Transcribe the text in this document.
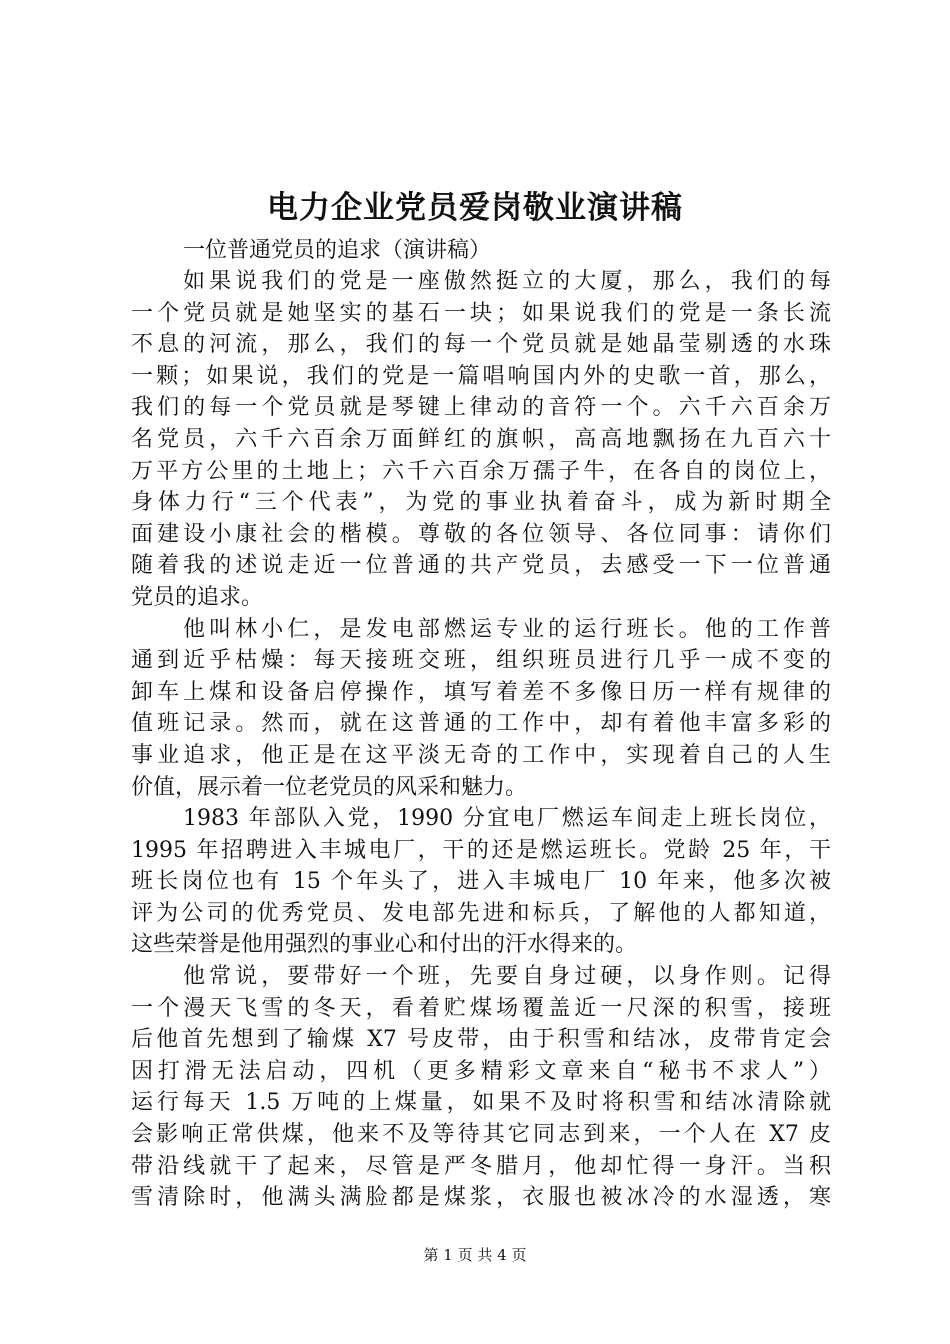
电力企业党员爱岗敬业演讲稿
一位普通党员的追求（演讲稿）
如果说我们的党是一座傲然挺立的大厦，那么，我们的每
一个党员就是她坚实的基石一块；如果说我们的党是一条长流
不息的河流，那么，我们的每一个党员就是她晶莹剔透的水珠
一颗；如果说，我们的党是一篇唱响国内外的史歌一首，那么，
我们的每一个党员就是琴键上律动的音符一个。六千六百余万
名党员，六千六百余万面鲜红的旗帜，高高地飘扬在九百六十
万平方公里的土地上；六千六百余万孺子牛，在各自的岗位上，
身体力行“三个代表”，为党的事业执着奋斗，成为新时期全
面建设小康社会的楷模。尊敬的各位领导、各位同事：请你们
随着我的述说走近一位普通的共产党员，去感受一下一位普通
党员的追求。
他叫林小仁，是发电部燃运专业的运行班长。他的工作普
通到近乎枯燥：每天接班交班，组织班员进行几乎一成不变的
卸车上煤和设备启停操作，填写着差不多像日历一样有规律的
值班记录。然而，就在这普通的工作中，却有着他丰富多彩的
事业追求，他正是在这平淡无奇的工作中，实现着自己的人生
价值，展示着一位老党员的风采和魅力。
1983 年部队入党，1990 分宜电厂燃运车间走上班长岗位，
1995 年招聘进入丰城电厂，干的还是燃运班长。党龄 25 年，干
班长岗位也有 15 个年头了，进入丰城电厂 10 年来，他多次被
评为公司的优秀党员、发电部先进和标兵，了解他的人都知道，
这些荣誉是他用强烈的事业心和付出的汗水得来的。
他常说，要带好一个班，先要自身过硬，以身作则。记得
一个漫天飞雪的冬天，看着贮煤场覆盖近一尺深的积雪，接班
后他首先想到了输煤 X7 号皮带，由于积雪和结冰，皮带肯定会
因打滑无法启动，四机（更多精彩文章来自“秘书不求人”）
运行每天 1.5 万吨的上煤量，如果不及时将积雪和结冰清除就
会影响正常供煤，他来不及等待其它同志到来，一个人在 X7 皮
带沿线就干了起来，尽管是严冬腊月，他却忙得一身汗。当积
雪清除时，他满头满脸都是煤浆，衣服也被冰冷的水湿透，寒
第 1 页 共 4 页
